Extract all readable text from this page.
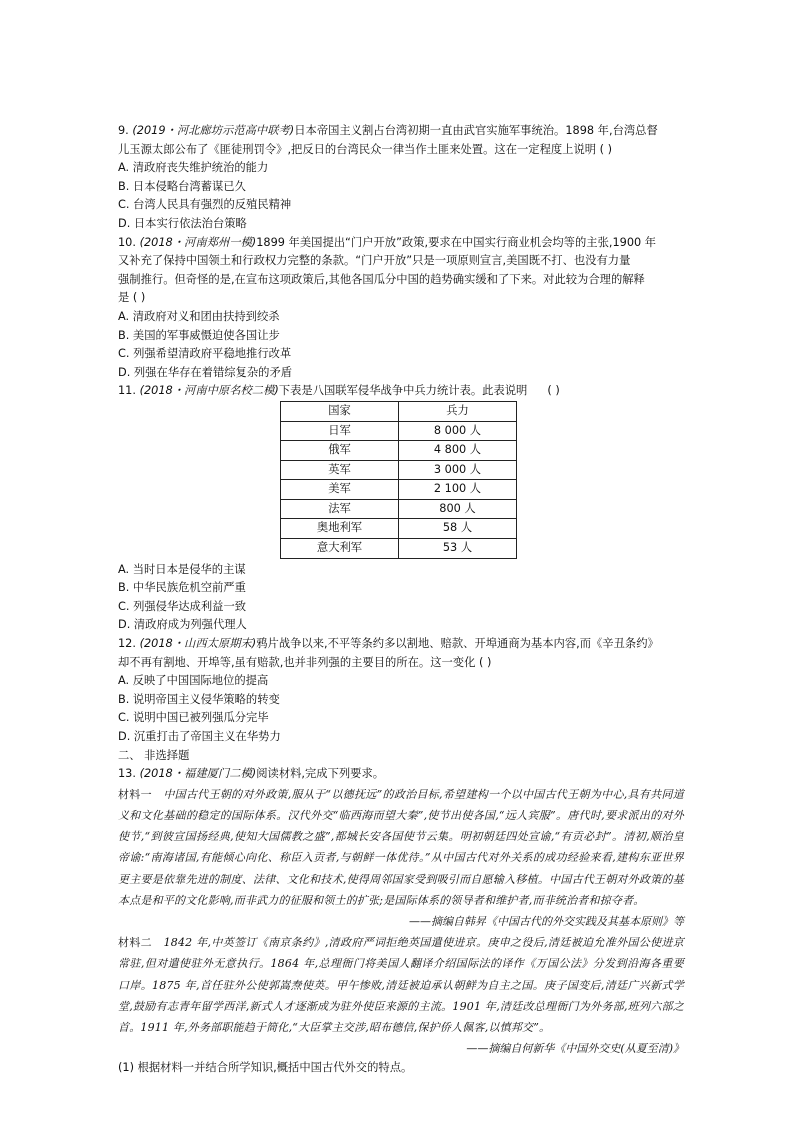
9. (2019・河北廊坊示范高中联考)日本帝国主义割占台湾初期一直由武官实施军事统治。1898 年,台湾总督
儿玉源太郎公布了《匪徒刑罚令》,把反日的台湾民众一律当作土匪来处置。这在一定程度上说明 ( )
A. 清政府丧失维护统治的能力
B. 日本侵略台湾蓄谋已久
C. 台湾人民具有强烈的反殖民精神
D. 日本实行依法治台策略
10. (2018・河南郑州一模)1899 年美国提出“门户开放”政策,要求在中国实行商业机会均等的主张,1900 年
又补充了保持中国领土和行政权力完整的条款。“门户开放”只是一项原则宣言,美国既不打、也没有力量
强制推行。但奇怪的是,在宣布这项政策后,其他各国瓜分中国的趋势确实缓和了下来。对此较为合理的解释
是 ( )
A. 清政府对义和团由扶持到绞杀
B. 美国的军事威慑迫使各国让步
C. 列强希望清政府平稳地推行改革
D. 列强在华存在着错综复杂的矛盾
11. (2018・河南中原名校二模)下表是八国联军侵华战争中兵力统计表。此表说明 ( )
国家	兵力
日军	8 000 人
俄军	4 800 人
英军	3 000 人
美军	2 100 人
法军	800 人
奥地利军	58 人
意大利军	53 人
A. 当时日本是侵华的主谋
B. 中华民族危机空前严重
C. 列强侵华达成利益一致
D. 清政府成为列强代理人
12. (2018・山西太原期末)鸦片战争以来,不平等条约多以割地、赔款、开埠通商为基本内容,而《辛丑条约》
却不再有割地、开埠等,虽有赔款,也并非列强的主要目的所在。这一变化 ( )
A. 反映了中国国际地位的提高
B. 说明帝国主义侵华策略的转变
C. 说明中国已被列强瓜分完毕
D. 沉重打击了帝国主义在华势力
二、 非选择题
13. (2018・福建厦门二模)阅读材料,完成下列要求。
材料一 中国古代王朝的对外政策,服从于“以德抚远”的政治目标,希望建构一个以中国古代王朝为中心,具有共同道义和文化基础的稳定的国际体系。汉代外交“临西海而望大秦”,使节出使各国,“远人宾服”。唐代时,要求派出的对外使节,“到彼宣国扬经典,使知大国儒教之盛”,都城长安各国使节云集。明初朝廷四处宣谕,“有贡必封”。清初,顺治皇帝谕:“南海诸国,有能倾心向化、称臣入贡者,与朝鲜一体优待。”从中国古代对外关系的成功经验来看,建构东亚世界更主要是依靠先进的制度、法律、文化和技术,使得周邻国家受到吸引而自愿输入移植。中国古代王朝对外政策的基本点是和平的文化影响,而非武力的征服和领土的扩张;是国际体系的领导者和维护者,而非统治者和掠夺者。
——摘编自韩昇《中国古代的外交实践及其基本原则》等
材料二 1842 年,中英签订《南京条约》,清政府严词拒绝英国遣使进京。庚申之役后,清廷被迫允准外国公使进京常驻,但对遣使驻外无意执行。1864 年,总理衙门将美国人翻译介绍国际法的译作《万国公法》分发到沿海各重要口岸。1875 年,首任驻外公使郭嵩焘使英。甲午惨败,清廷被迫承认朝鲜为自主之国。庚子国变后,清廷广兴新式学堂,鼓励有志青年留学西洋,新式人才逐渐成为驻外使臣来源的主流。1901 年,清廷改总理衙门为外务部,班列六部之首。1911 年,外务部职能趋于简化,“大臣掌主交涉,昭布德信,保护侨人佩客,以慎邦交”。
——摘编自何新华《中国外交史(从夏至清)》
(1) 根据材料一并结合所学知识,概括中国古代外交的特点。
